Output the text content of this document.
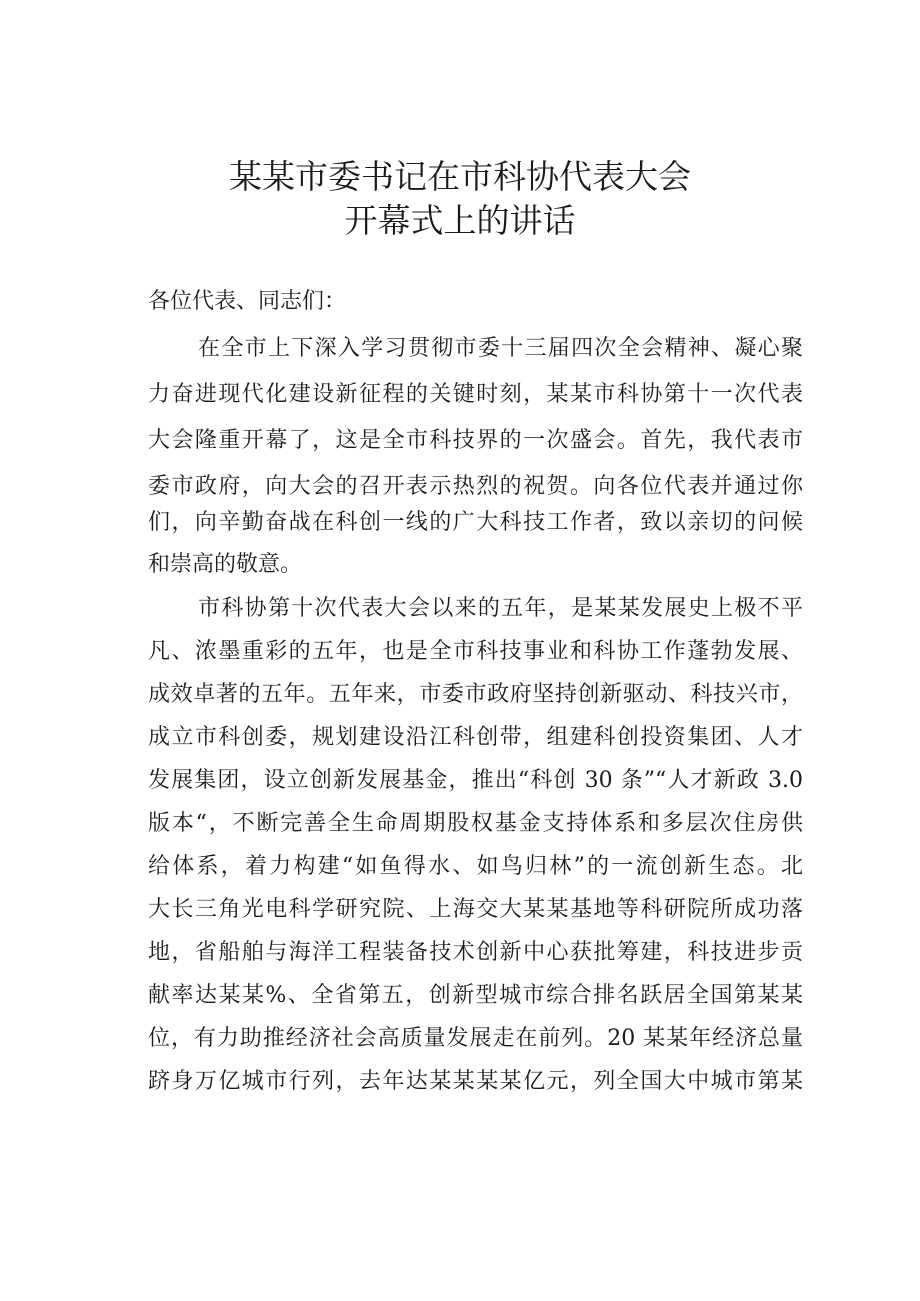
某某市委书记在市科协代表大会
开幕式上的讲话
各位代表、同志们：
在全市上下深入学习贯彻市委十三届四次全会精神、凝心聚
力奋进现代化建设新征程的关键时刻，某某市科协第十一次代表
大会隆重开幕了，这是全市科技界的一次盛会。首先，我代表市
委市政府，向大会的召开表示热烈的祝贺。向各位代表并通过你
们，向辛勤奋战在科创一线的广大科技工作者，致以亲切的问候
和崇高的敬意。
市科协第十次代表大会以来的五年，是某某发展史上极不平
凡、浓墨重彩的五年，也是全市科技事业和科协工作蓬勃发展、
成效卓著的五年。五年来，市委市政府坚持创新驱动、科技兴市，
成立市科创委，规划建设沿江科创带，组建科创投资集团、人才
发展集团，设立创新发展基金，推出“科创 30 条”“人才新政 3.0
版本“，不断完善全生命周期股权基金支持体系和多层次住房供
给体系，着力构建“如鱼得水、如鸟归林”的一流创新生态。北
大长三角光电科学研究院、上海交大某某基地等科研院所成功落
地，省船舶与海洋工程装备技术创新中心获批筹建，科技进步贡
献率达某某%、全省第五，创新型城市综合排名跃居全国第某某
位，有力助推经济社会高质量发展走在前列。20 某某年经济总量
跻身万亿城市行列，去年达某某某某亿元，列全国大中城市第某
